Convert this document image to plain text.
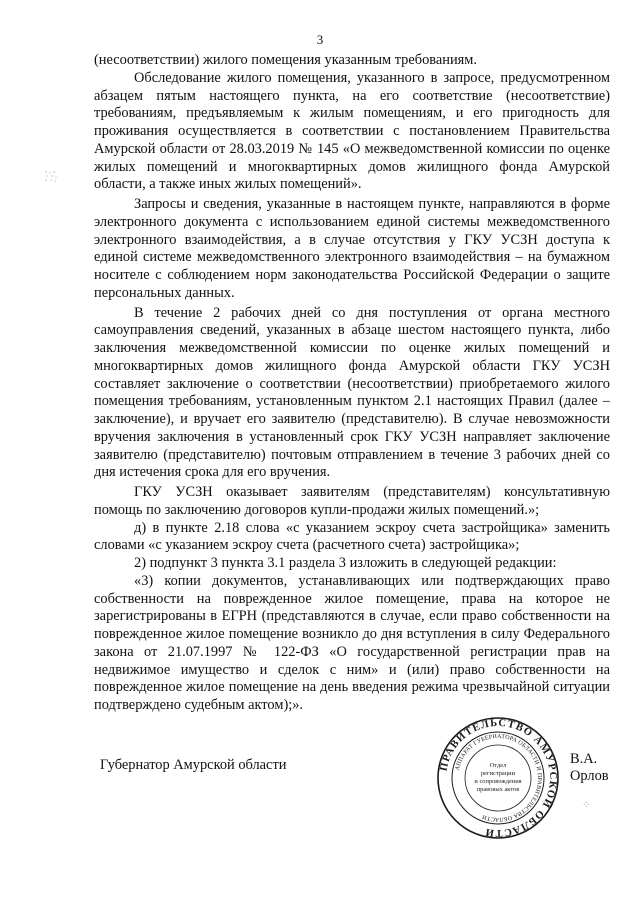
3

(несоответствии) жилого помещения указанным требованиям.

Обследование жилого помещения, указанного в запросе, предусмотренном абзацем пятым настоящего пункта, на его соответствие (несоответствие) требованиям, предъявляемым к жилым помещениям, и его пригодность для проживания осуществляется в соответствии с постановлением Правительства Амурской области от 28.03.2019 № 145 «О межведомственной комиссии по оценке жилых помещений и многоквартирных домов жилищного фонда Амурской области, а также иных жилых помещений».

Запросы и сведения, указанные в настоящем пункте, направляются в форме электронного документа с использованием единой системы межведомственного электронного взаимодействия, а в случае отсутствия у ГКУ УСЗН доступа к единой системе межведомственного электронного взаимодействия – на бумажном носителе с соблюдением норм законодательства Российской Федерации о защите персональных данных.

В течение 2 рабочих дней со дня поступления от органа местного самоуправления сведений, указанных в абзаце шестом настоящего пункта, либо заключения межведомственной комиссии по оценке жилых помещений и многоквартирных домов жилищного фонда Амурской области ГКУ УСЗН составляет заключение о соответствии (несоответствии) приобретаемого жилого помещения требованиям, установленным пунктом 2.1 настоящих Правил (далее – заключение), и вручает его заявителю (представителю). В случае невозможности вручения заключения в установленный срок ГКУ УСЗН направляет заключение заявителю (представителю) почтовым отправлением в течение 3 рабочих дней со дня истечения срока для его вручения.

ГКУ УСЗН оказывает заявителям (представителям) консультативную помощь по заключению договоров купли-продажи жилых помещений.»;

д) в пункте 2.18 слова «с указанием эскроу счета застройщика» заменить словами «с указанием эскроу счета (расчетного счета) застройщика»;

2) подпункт 3 пункта 3.1 раздела 3 изложить в следующей редакции:

«3) копии документов, устанавливающих или подтверждающих право собственности на поврежденное жилое помещение, права на которое не зарегистрированы в ЕГРН (представляются в случае, если право собственности на поврежденное жилое помещение возникло до дня вступления в силу Федерального закона от 21.07.1997 № 122-ФЗ «О государственной регистрации прав на недвижимое имущество и сделок с ним» и (или) право собственности на поврежденное жилое помещение на день введения режима чрезвычайной ситуации подтверждено судебным актом);».

Губернатор Амурской области	В.А. Орлов
ПРАВИТЕЛЬСТВО АМУРСКОЙ ОБЛАСТИ
АППАРАТ ГУБЕРНАТОРА ОБЛАСТИ И ПРАВИТЕЛЬСТВА ОБЛАСТИ
Отдел
регистрации
и сопровождения
правовых актов
⁘
